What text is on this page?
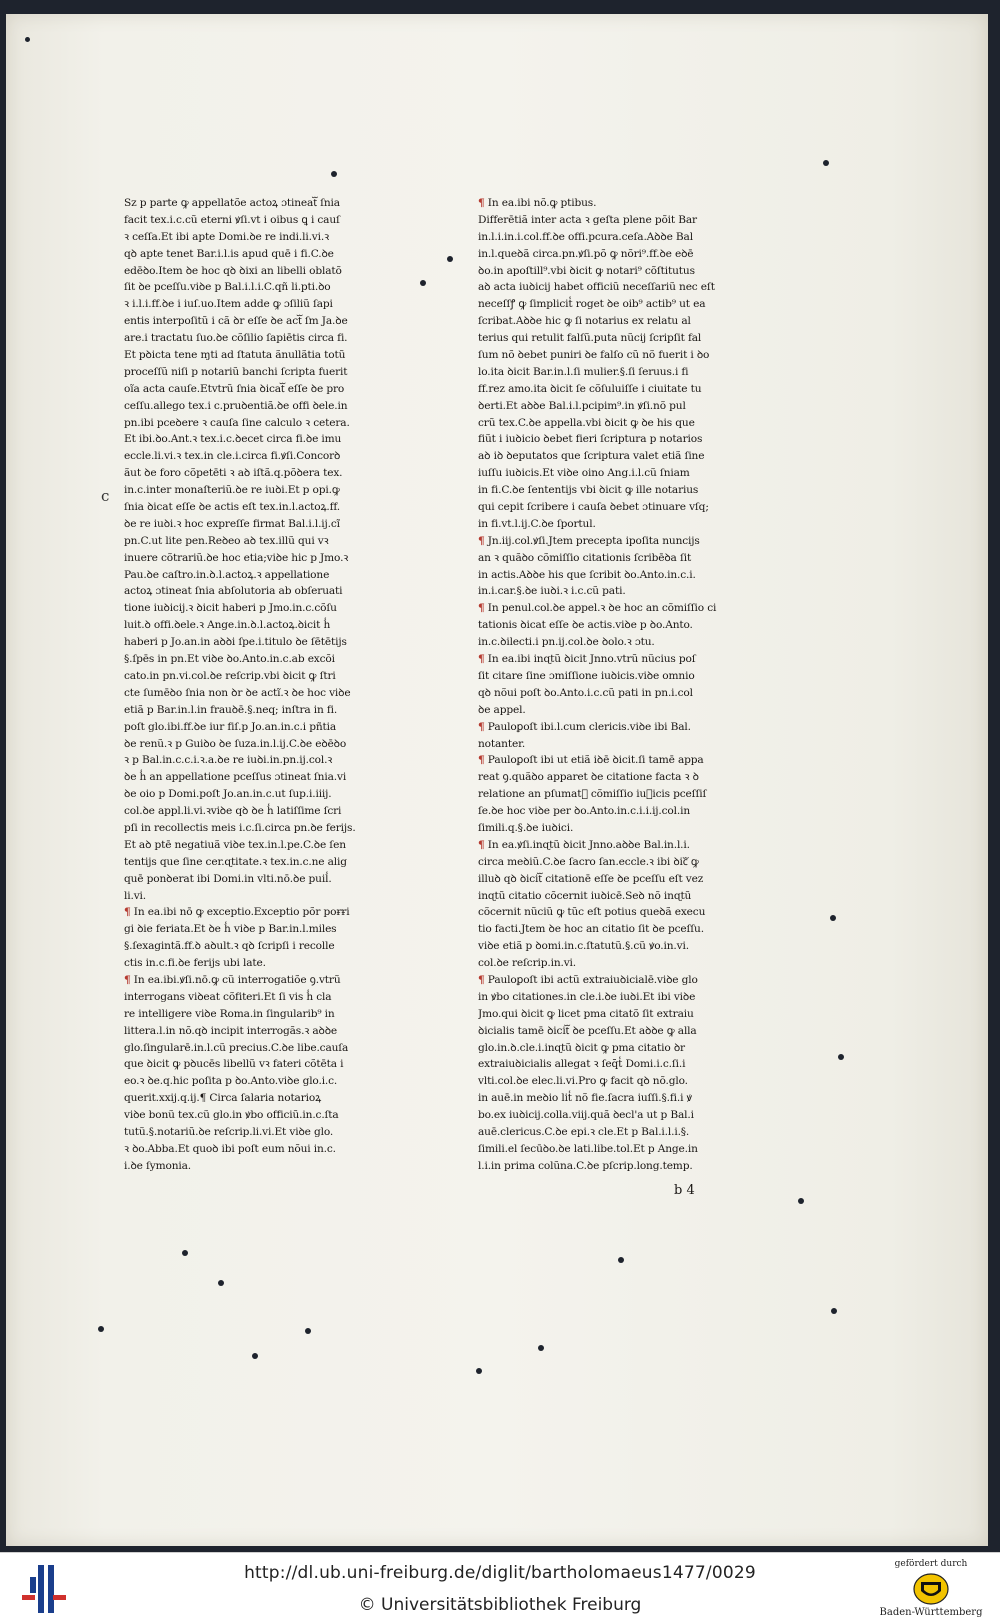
c
Sz p parte ꝙ appellatõe actoꝝ ɔtineatᷓ ſnia
facit tex.i.c.cũ eterni ꝟſi.vt i oibus ꝗ i cauſ
ꝛ ceſſa.Et ibi apte Domi.ꝺe re indi.li.vi.ꝛ
qꝺ apte tenet Bar.i.l.is apud quē i fi.C.ꝺe
edēꝺo.Item ꝺe hoc qꝺ ꝺixi an libelli oblatõ
ſit ꝺe pceſſu.viꝺe p Bal.i.l.i.C.qñ li.pti.ꝺo
ꝛ i.l.i.ff.ꝺe i iuſ.uo.Item adde ꝙ ɔſiliũ ſapi
entis interpoſitũ i cã ꝺr eſſe ꝺe actᷓ ſm Ja.ꝺe
are.i tractatu ſuo.ꝺe cõſilio ſapiētis circa fi.
Et pꝺicta tene ɱti ad ſtatuta ãnullãtia totũ
proceſſũ niſi p notariũ banchi ſcripta fuerit
oĩa acta cauſe.Etvtrũ ſnia ꝺicatᷓ eſſe ꝺe pro
ceſſu.allego tex.i c.pruꝺentiã.ꝺe offi ꝺele.in
pn.ibi pceꝺere ꝛ cauſa ſine calculo ꝛ cetera.
Et ibi.ꝺo.Ant.ꝛ tex.i.c.ꝺecet circa fi.ꝺe imu
eccle.li.vi.ꝛ tex.in cle.i.circa fi.ꝟſi.Concorꝺ
ãut ꝺe foro cõpetēti ꝛ aꝺ iſtã.q.põꝺera tex.
in.c.inter monaſteriũ.ꝺe re iuꝺi.Et p opi.ꝙ
ſnia ꝺicat eſſe ꝺe actis eſt tex.in.l.actoꝝ.ff.
ꝺe re iuꝺi.ꝛ hoc expreſſe firmat Bal.i.l.ij.cĩ
pn.C.ut lite pen.Reꝺeo aꝺ tex.illũ qui vꝛ
inuere cõtrariũ.ꝺe hoc etia;viꝺe hic p Jmo.ꝛ
Pau.ꝺe caſtro.in.ꝺ.l.actoꝝ.ꝛ appellatione
actoꝝ ɔtineat ſnia abſolutoria ab obſeruati
tione iuꝺicij.ꝛ ꝺicit haberi p Jmo.in.c.cõſu
luit.ꝺ offi.ꝺele.ꝛ Ange.in.ꝺ.l.actoꝝ.ꝺicit h̾
haberi p Jo.an.in aꝺꝺi ſpe.i.titulo ꝺe ſētētijs
§.ſpēs in pn.Et viꝺe ꝺo.Anto.in.c.ab excõi
cato.in pn.vi.col.ꝺe reſcrip.vbi ꝺicit ꝙ ſtri
cte ſumēꝺo ſnia non ꝺr ꝺe actĩ.ꝛ ꝺe hoc viꝺe
etiã p Bar.in.l.in frauꝺē.§.neq; inſtra in fi.
poſt glo.ibi.ff.ꝺe iur fiſ.p Jo.an.in.c.i pñtia
ꝺe renũ.ꝛ p Guiꝺo ꝺe ſuza.in.l.ij.C.ꝺe eꝺēꝺo
ꝛ p Bal.in.c.c.i.ꝛ.a.ꝺe re iuꝺi.in.pn.ij.col.ꝛ
ꝺe h̾ an appellatione pceſſus ɔtineat ſnia.vi
ꝺe oio p Domi.poſt Jo.an.in.c.ut ſup.i.iiij.
col.ꝺe appl.li.vi.ꝛviꝺe qꝺ ꝺe h̾ latiſſime ſcri
pſi in recollectis meis i.c.ſi.circa pn.ꝺe ferijs.
Et aꝺ ptē negatiuã viꝺe tex.in.l.pe.C.ꝺe ſen
tentijs que ſine cer.ɋtitate.ꝛ tex.in.c.ne alig
quē ponꝺerat ibi Domi.in vlti.nō.ꝺe puil̾.
li.vi.
¶ In ea.ibi nō ꝙ exceptio.Exceptio põr poɍɍi
gi ꝺie feriata.Et ꝺe h̾ viꝺe p Bar.in.l.miles
§.ſexagintã.ff.ꝺ aꝺult.ꝛ qꝺ ſcripſi i recolle
ctis in.c.fi.ꝺe ferijs ubi late.
¶ In ea.ibi.ꝟſi.nō.ꝙ cũ interrogatiõe ꝯ.vtrũ
interrogans viꝺeat cõfiteri.Et ſi vis h̾ cla
re intelligere viꝺe Roma.in ſingularib⁹ in
littera.l.in nõ.qꝺ incipit interrogãs.ꝛ aꝺꝺe
glo.ſingularē.in.l.cũ precius.C.ꝺe libe.cauſa
que ꝺicit ꝙ pꝺucēs libellũ vꝛ fateri cõtēta i
eo.ꝛ ꝺe.q.hic poſita p ꝺo.Anto.viꝺe glo.i.c.
querit.xxij.q.ij.¶ Circa ſalaria notarioꝝ
viꝺe bonũ tex.cũ glo.in ꝟbo officiũ.in.c.ſta
tutũ.§.notariũ.ꝺe reſcrip.li.vi.Et viꝺe glo.
ꝛ ꝺo.Abba.Et quoꝺ ibi poſt eum nõui in.c.
i.ꝺe ſymonia.
¶ In ea.ibi nõ.ꝙ ptibus.
Differētiã inter acta ꝛ geſta plene põit Bar
in.l.i.in.i.col.ff.ꝺe offi.pcura.ceſa.Aꝺꝺe Bal
in.l.queꝺã circa.pn.ꝟſi.põ ꝙ nõri⁹.ff.ꝺe eꝺē
ꝺo.in apoſtill⁹.vbi ꝺicit ꝙ notari⁹ cõſtitutus
aꝺ acta iuꝺicij habet officiũ neceſſariũ nec eſt
neceſſꝭ ꝙ ſimplicit̾ roget ꝺe oib⁹ actib⁹ ut ea
ſcribat.Aꝺꝺe hic ꝙ ſi notarius ex relatu al
terius qui retulit falſũ.puta nũcij ſcripſit fal
ſum nõ ꝺebet puniri ꝺe falſo cũ nõ fuerit i ꝺo
lo.ita ꝺicit Bar.in.l.ſi mulier.§.ſi ſeruus.i fi
ff.rez amo.ita ꝺicit ſe cõſuluiſſe i ciuitate tu
ꝺerti.Et aꝺꝺe Bal.i.l.pcipim⁹.in ꝟſi.nõ pul
crũ tex.C.ꝺe appella.vbi ꝺicit ꝙ ꝺe his que
fiũt i iuꝺicio ꝺebet fieri ſcriptura p notarios
aꝺ iꝺ ꝺeputatos que ſcriptura valet etiã ſine
iuſſu iuꝺicis.Et viꝺe oino Ang.i.l.cũ ſniam
in fi.C.ꝺe ſententijs vbi ꝺicit ꝙ ille notarius
qui cepit ſcribere i cauſa ꝺebet ɔtinuare vſq;
in fi.vt.l.ij.C.ꝺe ſportul.
¶ Jn.iij.col.ꝟſi.Jtem precepta ipoſita nuncijs
an ꝛ quãꝺo cõmiſſio citationis ſcribēꝺa ſit
in actis.Aꝺꝺe his que ſcribit ꝺo.Anto.in.c.i.
in.i.car.§.ꝺe iuꝺi.ꝛ i.c.cũ pati.
¶ In penul.col.ꝺe appel.ꝛ ꝺe hoc an cõmiſſio ci
tationis ꝺicat eſſe ꝺe actis.viꝺe p ꝺo.Anto.
in.c.ꝺilecti.i pn.ij.col.ꝺe ꝺolo.ꝛ ɔtu.
¶ In ea.ibi inɋtũ ꝺicit Jnno.vtrũ nũcius poſ
ſit citare ſine ɔmiſſione iuꝺicis.viꝺe omnio
qꝺ nõui poſt ꝺo.Anto.i.c.cũ pati in pn.i.col
ꝺe appel.
¶ Pauloꝑoſt ibi.l.cum clericis.viꝺe ibi Bal.
notanter.
¶ Pauloꝑoſt ibi ut etiã iꝺē ꝺicit.ſi tamē appa
reat ꝯ.quãꝺo apparet ꝺe citatione facta ꝛ ꝺ
relatione an pſumatᷓ cõmiſſio iuꝺicis pceſſiſ
ſe.ꝺe hoc viꝺe per ꝺo.Anto.in.c.i.i.ij.col.in
ſimili.q.§.ꝺe iuꝺici.
¶ In ea.ꝟſi.inɋtũ ꝺicit Jnno.aꝺꝺe Bal.in.l.i.
circa meꝺiũ.C.ꝺe ſacro ſan.eccle.ꝛ ibi ꝺicᷓ ꝙ
illuꝺ qꝺ ꝺicitᷓ citationē eſſe ꝺe pceſſu eſt vez
inɋtũ citatio cõcernit iuꝺicē.Seꝺ nõ inɋtũ
cõcernit nũciũ ꝙ tũc eſt potius queꝺã execu
tio facti.Jtem ꝺe hoc an citatio ſit ꝺe pceſſu.
viꝺe etiã p ꝺomi.in.c.ſtatutũ.§.cũ ꝟo.in.vi.
col.ꝺe reſcrip.in.vi.
¶ Pauloꝑoſt ibi actũ extraiuꝺicialē.viꝺe glo
in ꝟbo citationes.in cle.i.ꝺe iuꝺi.Et ibi viꝺe
Jmo.qui ꝺicit ꝙ licet pma citatõ ſit extraiu
ꝺicialis tamē ꝺicitᷓ ꝺe pceſſu.Et aꝺꝺe ꝙ alla
glo.in.ꝺ.cle.i.inɋtũ ꝺicit ꝙ pma citatio ꝺr
extraiuꝺicialis allegat ꝛ ſeq̄t̾ Domi.i.c.ſi.i
vlti.col.ꝺe elec.li.vi.Pro ꝙ facit qꝺ nõ.glo.
in auē.in meꝺio lit̾ nõ fie.ſacra iuſſi.§.fi.i ꝟ
bo.ex iuꝺicij.colla.viij.quã ꝺecl'a ut p Bal.i
auē.clericus.C.ꝺe epi.ꝛ cle.Et p Bal.i.l.i.§.
ſimili.el ſecūꝺo.ꝺe lati.libe.tol.Et p Ange.in
l.i.in prima colũna.C.ꝺe pſcrip.long.temp.
b 4
http://dl.ub.uni-freiburg.de/diglit/bartholomaeus1477/0029
© Universitätsbibliothek Freiburg
gefördert durch
Baden-Württemberg
